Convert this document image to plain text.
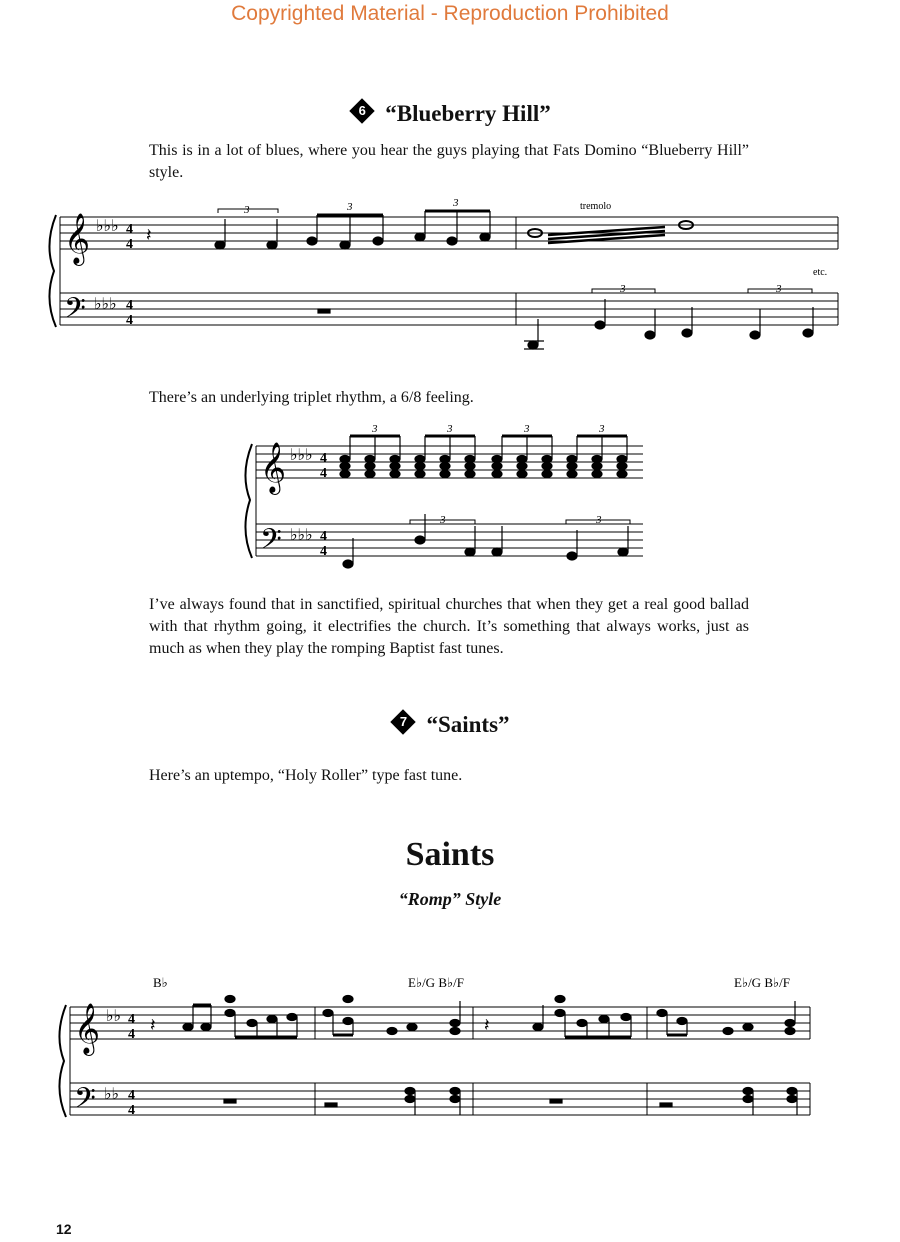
Copyrighted Material - Reproduction Prohibited
6 “Blueberry Hill”
This is in a lot of blues, where you hear the guys playing that Fats Domino “Blueberry Hill” style.
𝄞
𝄢
♭♭♭
♭♭♭
4
4
4
4
𝄽
3	3	3
3	3
tremolo
etc.
There’s an underlying triplet rhythm, a 6/8 feeling.
𝄞
𝄢
♭♭♭
♭♭♭
4
4
4
4
3	3	3	3
3	3
I’ve always found that in sanctified, spiritual churches that when they get a real good ballad with that rhythm going, it electrifies the church. It’s something that always works, just as much as when they play the romping Baptist fast tunes.
7 “Saints”
Here’s an uptempo, “Holy Roller” type fast tune.
Saints
“Romp” Style
B♭	E♭/G B♭/F	E♭/G B♭/F
𝄞
𝄢
♭♭
♭♭
4
4
4
4
𝄽	𝄽
12
